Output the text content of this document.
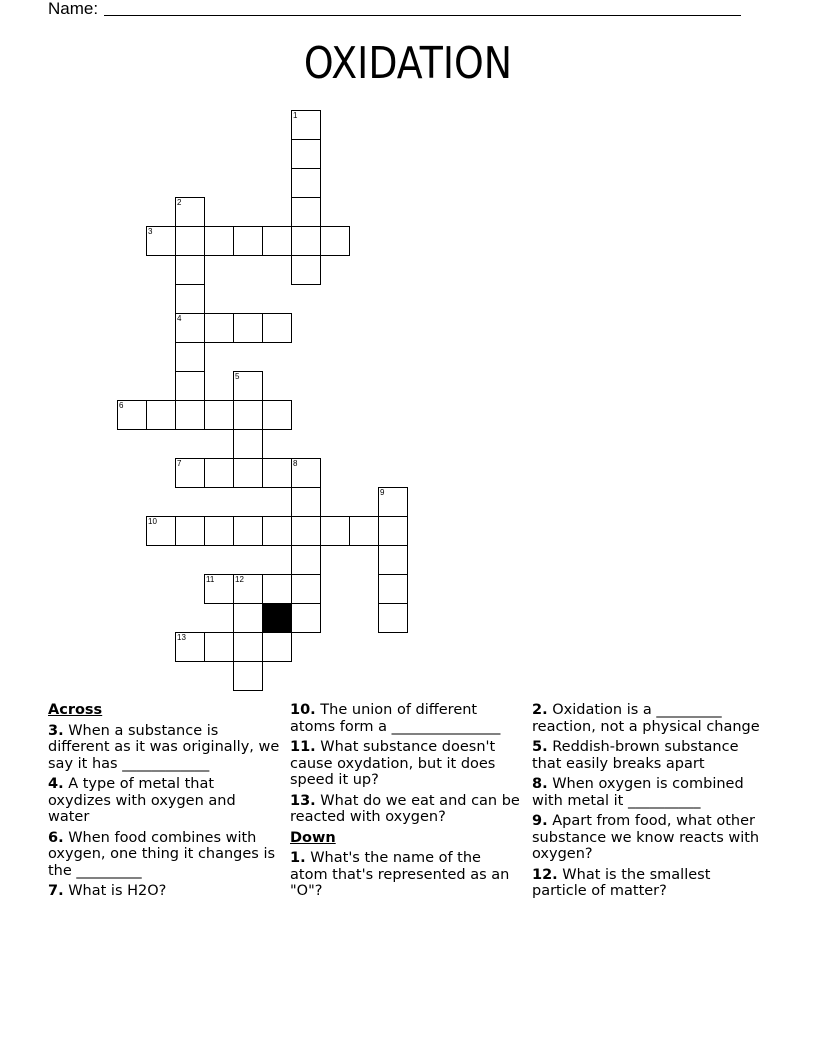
Name:
OXIDATION
1
3
2
4
6
5
7	8
9
10
11	12
13
Across
3. When a substance is different as it was originally, we say it has ____________
4. A type of metal that oxydizes with oxygen and water
6. When food combines with oxygen, one thing it changes is the _________
7. What is H2O?
10. The union of different atoms form a _______________
11. What substance doesn't cause oxydation, but it does speed it up?
13. What do we eat and can be reacted with oxygen?
Down
1. What's the name of the atom that's represented as an "O"?
2. Oxidation is a _________ reaction, not a physical change
5. Reddish-brown substance that easily breaks apart
8. When oxygen is combined with metal it __________
9. Apart from food, what other substance we know reacts with oxygen?
12. What is the smallest particle of matter?
